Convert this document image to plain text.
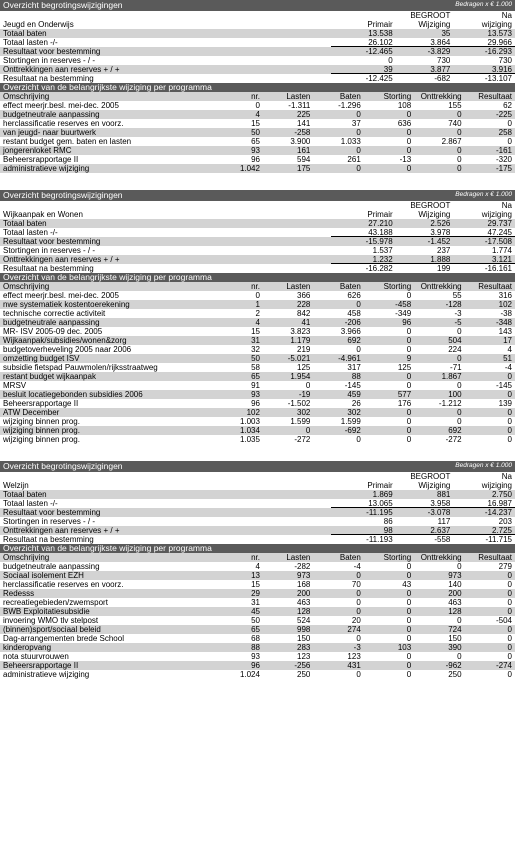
Overzicht begrotingswijzigingen	Bedragen x € 1.000
BEGROOT	Na
Jeugd en Onderwijs	Primair	Wijziging	wijziging
Totaal baten	13.538	35	13.573
Totaal lasten -/-	26.102	3.864	29.966
Resultaat voor bestemming	-12.465	-3.829	-16.293
Stortingen in reserves - / -	0	730	730
Onttrekkingen aan reserves + / +	39	3.877	3.916
Resultaat na bestemming	-12.425	-682	-13.107
Overzicht van de belangrijkste wijziging per programma
Omschrijving	nr.	Lasten	Baten	Storting	Onttrekking	Resultaat
effect meerjr.besl. mei-dec. 2005	0	-1.311	-1.296	108	155	62
budgetneutrale aanpassing	4	225	0	0	0	-225
herclassificatie reserves en voorz.	15	141	37	636	740	0
van jeugd- naar buurtwerk	50	-258	0	0	0	258
restant budget gem. baten en lasten	65	3.900	1.033	0	2.867	0
jongerenloket RMC	93	161	0	0	0	-161
Beheersrapportage II	96	594	261	-13	0	-320
administratieve wijziging	1.042	175	0	0	0	-175
Overzicht begrotingswijzigingen	Bedragen x € 1.000
BEGROOT	Na
Wijkaanpak en Wonen	Primair	Wijziging	wijziging
Totaal baten	27.210	2.526	29.737
Totaal lasten -/-	43.188	3.978	47.245
Resultaat voor bestemming	-15.978	-1.452	-17.508
Stortingen in reserves - / -	1.537	237	1.774
Onttrekkingen aan reserves + / +	1.232	1.888	3.121
Resultaat na bestemming	-16.282	199	-16.161
Overzicht van de belangrijkste wijziging per programma
Omschrijving	nr.	Lasten	Baten	Storting	Onttrekking	Resultaat
effect meerjr.besl. mei-dec. 2005	0	366	626	0	55	316
nwe systematiek kostentoerekening	1	228	0	-458	-128	102
technische correctie activiteit	2	842	458	-349	-3	-38
budgetneutrale aanpassing	4	41	-206	96	-5	-348
MR- ISV 2005-09 dec. 2005	15	3.823	3.966	0	0	143
Wijkaanpak/subsidies/wonen&zorg	31	1.179	692	0	504	17
budgetoverheveling 2005 naar 2006	32	219	0	0	224	4
omzetting budget ISV	50	-5.021	-4.961	9	0	51
subsidie fietspad Pauwmolen/rijksstraatweg	58	125	317	125	-71	-4
restant budget wijkaanpak	65	1.954	88	0	1.867	0
MRSV	91	0	-145	0	0	-145
besluit locatiegebonden subsidies 2006	93	-19	459	577	100	0
Beheersrapportage II	96	-1.502	26	176	-1.212	139
ATW December	102	302	302	0	0	0
wijziging binnen prog.	1.003	1.599	1.599	0	0	0
wijziging binnen prog.	1.034	0	-692	0	692	0
wijziging binnen prog.	1.035	-272	0	0	-272	0
Overzicht begrotingswijzigingen	Bedragen x € 1.000
BEGROOT	Na
Welzijn	Primair	Wijziging	wijziging
Totaal baten	1.869	881	2.750
Totaal lasten -/-	13.065	3.958	16.987
Resultaat voor bestemming	-11.195	-3.078	-14.237
Stortingen in reserves - / -	86	117	203
Onttrekkingen aan reserves + / +	98	2.637	2.725
Resultaat na bestemming	-11.193	-558	-11.715
Overzicht van de belangrijkste wijziging per programma
Omschrijving	nr.	Lasten	Baten	Storting	Onttrekking	Resultaat
budgetneutrale aanpassing	4	-282	-4	0	0	279
Sociaal isolement EZH	13	973	0	0	973	0
herclassificatie reserves en voorz.	15	168	70	43	140	0
Redesss	29	200	0	0	200	0
recreatiegebieden/zwemsport	31	463	0	0	463	0
BWB Exploitatiesubsidie	45	128	0	0	128	0
invoering WMO tlv stelpost	50	524	20	0	0	-504
(binnen)sport/sociaal beleid	65	998	274	0	724	0
Dag-arrangementen brede School	68	150	0	0	150	0
kinderopvang	88	283	-3	103	390	0
nota stuurvrouwen	93	123	123	0	0	0
Beheersrapportage II	96	-256	431	0	-962	-274
administratieve wijziging	1.024	250	0	0	250	0
